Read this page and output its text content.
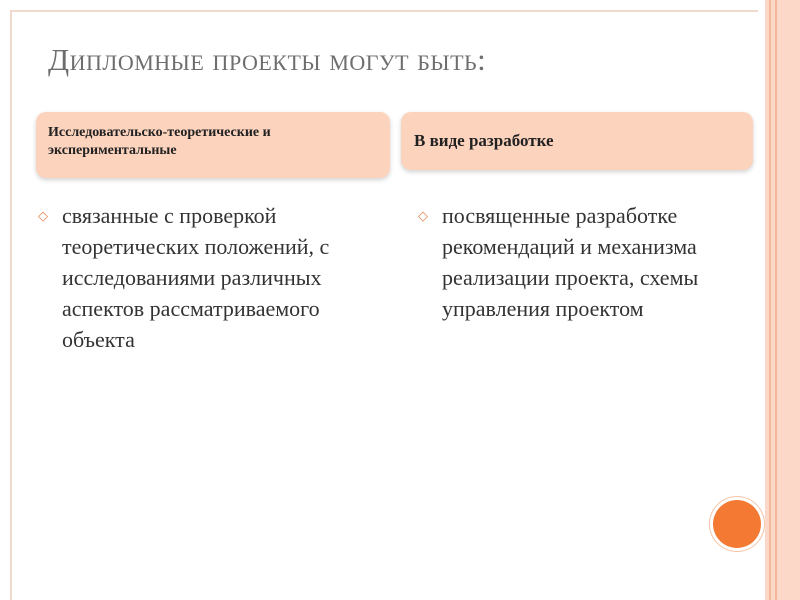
Дипломные проекты могут быть:
Исследовательско-теоретические и экспериментальные
В виде разработке
◇ связанные с проверкой теоретических положений, с исследованиями различных аспектов рассматриваемого объекта
◇ посвященные разработке рекомендаций и механизма реализации проекта, схемы управления проектом
